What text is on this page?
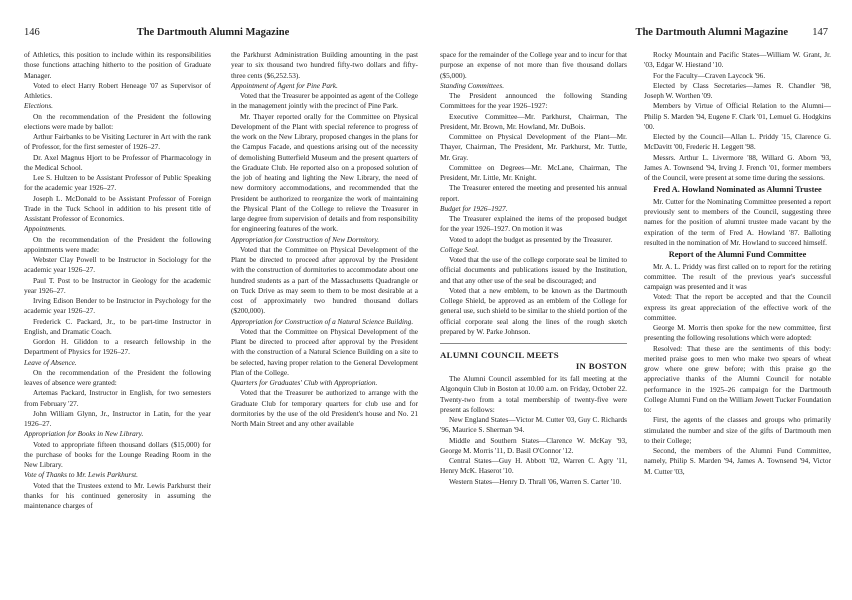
146	The Dartmouth Alumni Magazine

of Athletics, this position to include within its responsibilities those functions attaching hitherto to the position of Graduate Manager.

Voted to elect Harry Robert Heneage '07 as Supervisor of Athletics.

Elections.

On the recommendation of the President the following elections were made by ballot:

Arthur Fairbanks to be Visiting Lecturer in Art with the rank of Professor, for the first semester of 1926–27.

Dr. Axel Magnus Hjort to be Professor of Pharmacology in the Medical School.

Lee S. Hultzen to be Assistant Professor of Public Speaking for the academic year 1926–27.

Joseph L. McDonald to be Assistant Professor of Foreign Trade in the Tuck School in addition to his present title of Assistant Professor of Economics.

Appointments.

On the recommendation of the President the following appointments were made:

Webster Clay Powell to be Instructor in Sociology for the academic year 1926–27.

Paul T. Post to be Instructor in Geology for the academic year 1926–27.

Irving Edison Bender to be Instructor in Psychology for the academic year 1926–27.

Frederick C. Packard, Jr., to be part-time Instructor in English, and Dramatic Coach.

Gordon H. Gliddon to a research fellowship in the Department of Physics for 1926–27.

Leave of Absence.

On the recommendation of the President the following leaves of absence were granted:

Artemas Packard, Instructor in English, for two semesters from February '27.

John William Glynn, Jr., Instructor in Latin, for the year 1926–27.

Appropriation for Books in New Library.

Voted to appropriate fifteen thousand dollars ($15,000) for the purchase of books for the Lounge Reading Room in the New Library.

Vote of Thanks to Mr. Lewis Parkhurst.

Voted that the Trustees extend to Mr. Lewis Parkhurst their thanks for his continued generosity in assuming the maintenance charges of

the Parkhurst Administration Building amounting in the past year to six thousand two hundred fifty-two dollars and fifty-three cents ($6,252.53).

Appointment of Agent for Pine Park.

Voted that the Treasurer be appointed as agent of the College in the management jointly with the precinct of Pine Park.

Mr. Thayer reported orally for the Committee on Physical Development of the Plant with special reference to progress of the work on the New Library, proposed changes in the plans for the Campus Facade, and questions arising out of the necessity of demolishing Butterfield Museum and the present quarters of the Graduate Club. He reported also on a proposed solution of the job of heating and lighting the New Library, the need of new dormitory accommodations, and recommended that the President be authorized to reorganize the work of maintaining the Physical Plant of the College to relieve the Treasurer in large degree from supervision of details and from responsibility for engineering features of the work.

Appropriation for Construction of New Dormitory.

Voted that the Committee on Physical Development of the Plant be directed to proceed after approval by the President with the construction of dormitories to accommodate about one hundred students as a part of the Massachusetts Quadrangle or on Tuck Drive as may seem to them to be most desirable at a cost of approximately two hundred thousand dollars ($200,000).

Appropriation for Construction of a Natural Science Building.

Voted that the Committee on Physical Development of the Plant be directed to proceed after approval by the President with the construction of a Natural Science Building on a site to be selected, having proper relation to the General Development Plan of the College.

Quarters for Graduates' Club with Appropriation.

Voted that the Treasurer be authorized to arrange with the Graduate Club for temporary quarters for club use and for dormitories by the use of the old President's house and No. 21 North Main Street and any other available

The Dartmouth Alumni Magazine 147

space for the remainder of the College year and to incur for that purpose an expense of not more than five thousand dollars ($5,000).

Standing Committees.

The President announced the following Standing Committees for the year 1926–1927:

Executive Committee—Mr. Parkhurst, Chairman, The President, Mr. Brown, Mr. Howland, Mr. DuBois.

Committee on Physical Development of the Plant—Mr. Thayer, Chairman, The President, Mr. Parkhurst, Mr. Tuttle, Mr. Gray.

Committee on Degrees—Mr. McLane, Chairman, The President, Mr. Little, Mr. Knight.

The Treasurer entered the meeting and presented his annual report.

Budget for 1926–1927.

The Treasurer explained the items of the proposed budget for the year 1926–1927. On motion it was

Voted to adopt the budget as presented by the Treasurer.

College Seal.

Voted that the use of the college corporate seal be limited to official documents and publications issued by the Institution, and that any other use of the seal be discouraged; and

Voted that a new emblem, to be known as the Dartmouth College Shield, be approved as an emblem of the College for general use, such shield to be similar to the shield portion of the official corporate seal along the lines of the rough sketch prepared by W. Parke Johnson.

ALUMNI COUNCIL MEETS
IN BOSTON

The Alumni Council assembled for its fall meeting at the Algonquin Club in Boston at 10.00 a.m. on Friday, October 22. Twenty-two from a total membership of twenty-five were present as follows:

New England States—Victor M. Cutter '03, Guy C. Richards '96, Maurice S. Sherman '94.

Middle and Southern States—Clarence W. McKay '93, George M. Morris '11, D. Basil O'Connor '12.

Central States—Guy H. Abbott '02, Warren C. Agry '11, Henry McK. Haserot '10.

Western States—Henry D. Thrall '06, Warren S. Carter '10.

Rocky Mountain and Pacific States—William W. Grant, Jr. '03, Edgar W. Hiestand '10.

For the Faculty—Craven Laycock '96.

Elected by Class Secretaries—James R. Chandler '98, Joseph W. Worthen '09.

Members by Virtue of Official Relation to the Alumni—Philip S. Marden '94, Eugene F. Clark '01, Lemuel G. Hodgkins '00.

Elected by the Council—Allan L. Priddy '15, Clarence G. McDavitt '00, Frederic H. Leggett '98.

Messrs. Arthur L. Livermore '88, Willard G. Aborn '93, James A. Townsend '94, Irving J. French '01, former members of the Council, were present at some time during the sessions.

Fred A. Howland Nominated as Alumni Trustee

Mr. Cutter for the Nominating Committee presented a report previously sent to members of the Council, suggesting three names for the position of alumni trustee made vacant by the expiration of the term of Fred A. Howland '87. Balloting resulted in the nomination of Mr. Howland to succeed himself.

Report of the Alumni Fund Committee

Mr. A. L. Priddy was first called on to report for the retiring committee. The result of the previous year's successful campaign was presented and it was

Voted: That the report be accepted and that the Council express its great appreciation of the effective work of the committee.

George M. Morris then spoke for the new committee, first presenting the following resolutions which were adopted:

Resolved: That these are the sentiments of this body: merited praise goes to men who make two spears of wheat grow where one grew before; with this praise go the appreciative thanks of the Alumni Council for notable performance in the 1925–26 campaign for the Dartmouth College Alumni Fund on the William Jewett Tucker Foundation to:

First, the agents of the classes and groups who primarily stimulated the number and size of the gifts of Dartmouth men to their College;

Second, the members of the Alumni Fund Committee, namely, Philip S. Marden '94, James A. Townsend '94, Victor M. Cutter '03,
